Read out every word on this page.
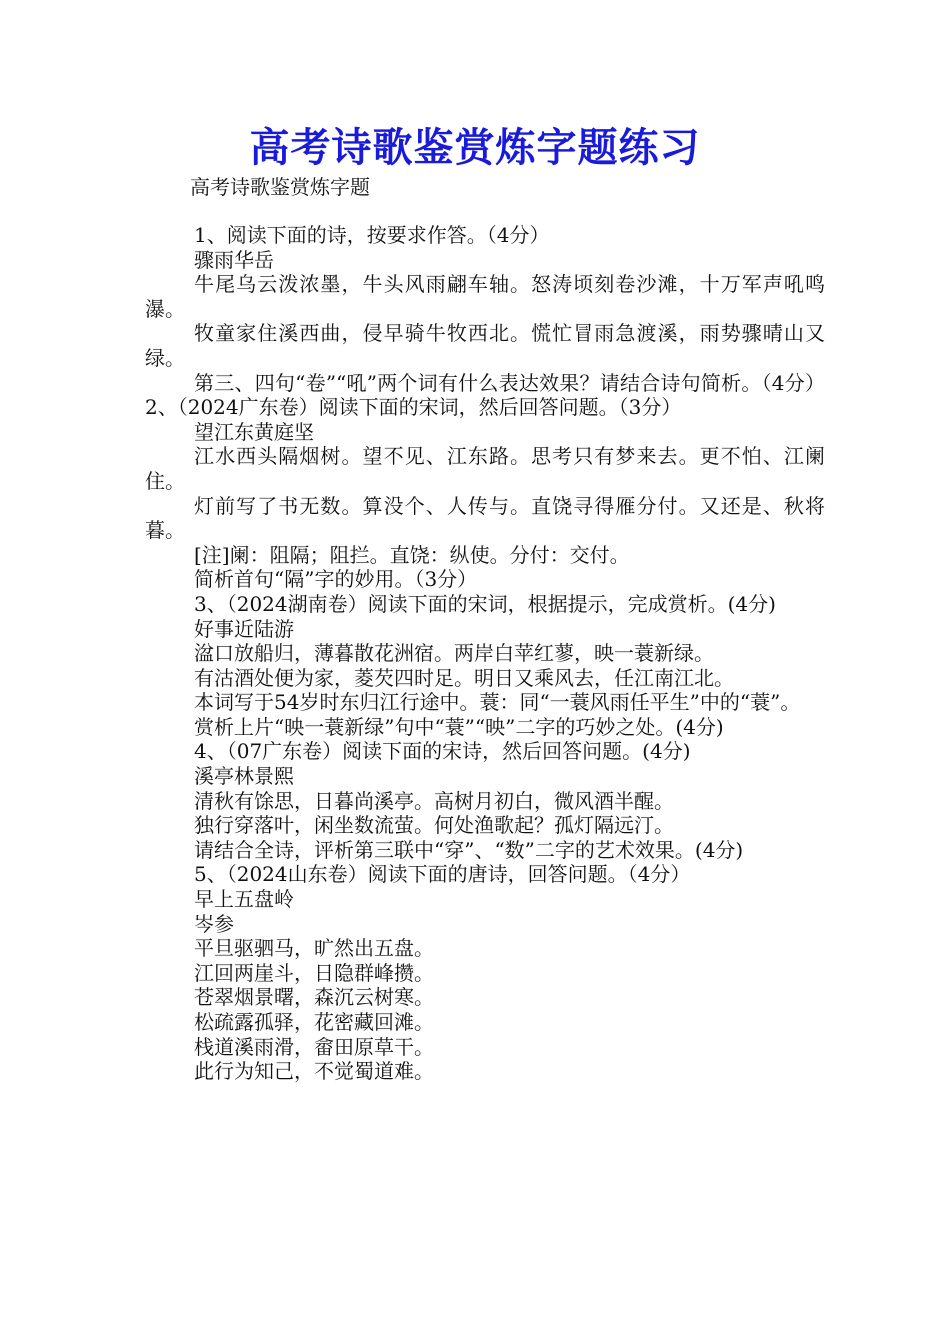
高考诗歌鉴赏炼字题练习
高考诗歌鉴赏炼字题

1、阅读下面的诗，按要求作答。（4分）

骤雨华岳

牛尾乌云泼浓墨，牛头风雨翩车轴。怒涛顷刻卷沙滩，十万军声吼鸣瀑。

牧童家住溪西曲，侵早骑牛牧西北。慌忙冒雨急渡溪，雨势骤晴山又绿。

第三、四句“卷”“吼”两个词有什么表达效果？请结合诗句简析。（4分）2、（2024广东卷）阅读下面的宋词，然后回答问题。（3分）

望江东黄庭坚

江水西头隔烟树。望不见、江东路。思考只有梦来去。更不怕、江阑住。

灯前写了书无数。算没个、人传与。直饶寻得雁分付。又还是、秋将暮。

[注]阑：阻隔；阻拦。直饶：纵使。分付：交付。

简析首句“隔”字的妙用。（3分）

3、（2024湖南卷）阅读下面的宋词，根据提示，完成赏析。(4分)

好事近陆游

湓口放船归，薄暮散花洲宿。两岸白苹红蓼，映一蓑新绿。

有沽酒处便为家，菱芡四时足。明日又乘风去，任江南江北。

本词写于54岁时东归江行途中。蓑：同“一蓑风雨任平生”中的“蓑”。

赏析上片“映一蓑新绿”句中“蓑”“映”二字的巧妙之处。(4分)

4、（07广东卷）阅读下面的宋诗，然后回答问题。(4分)

溪亭林景熙

清秋有馀思，日暮尚溪亭。高树月初白，微风酒半醒。

独行穿落叶，闲坐数流萤。何处渔歌起？孤灯隔远汀。

请结合全诗，评析第三联中“穿”、“数”二字的艺术效果。(4分)

5、（2024山东卷）阅读下面的唐诗，回答问题。（4分）

早上五盘岭

岑参

平旦驱驷马，旷然出五盘。

江回两崖斗，日隐群峰攒。

苍翠烟景曙，森沉云树寒。

松疏露孤驿，花密藏回滩。

栈道溪雨滑，畲田原草干。

此行为知己，不觉蜀道难。
